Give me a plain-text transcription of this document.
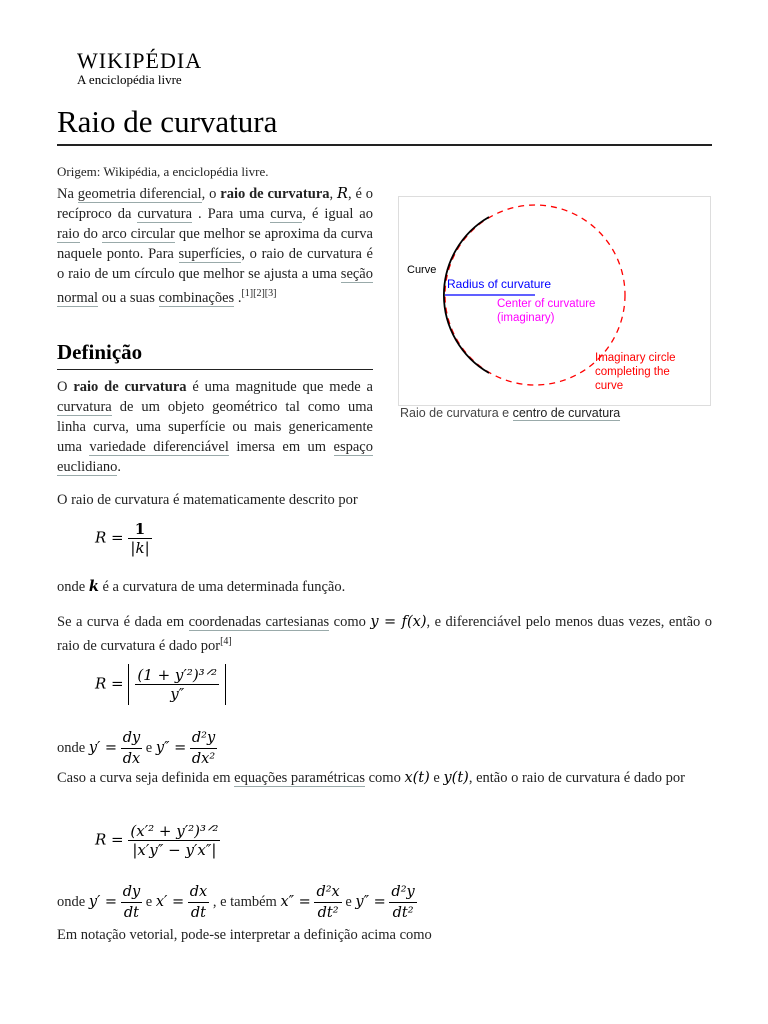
WIKIPÉDIA
A enciclopédia livre
Raio de curvatura
Origem: Wikipédia, a enciclopédia livre.
Na geometria diferencial, o raio de curvatura, R, é o recíproco da curvatura . Para uma curva, é igual ao raio do arco circular que melhor se aproxima da curva naquele ponto. Para superfícies, o raio de curvatura é o raio de um círculo que melhor se ajusta a uma seção normal ou a suas combinações .[1][2][3]
Definição
O raio de curvatura é uma magnitude que mede a curvatura de um objeto geométrico tal como uma linha curva, uma superfície ou mais genericamente uma variedade diferenciável imersa em um espaço euclidiano.
Curve
Radius of curvature
Center of curvature
(imaginary)
Imaginary circle
completing the
curve
Raio de curvatura e centro de curvatura
O raio de curvatura é matematicamente descrito por
$R = \frac{1}{|k|}$
onde k é a curvatura de uma determinada função.
Se a curva é dada em coordenadas cartesianas como y = f(x), e diferenciável pelo menos duas vezes, então o raio de curvatura é dado por[4]
$R = \frac{\text{(1 + y′²)³ᐟ²}}{y''}$
onde $y' = \frac{dy}{dx}$ e $y'' = \frac{\text{d²y}}{\text{dx²}}$
Caso a curva seja definida em equações paramétricas como x(t) e y(t), então o raio de curvatura é dado por
$R = \frac{\text{(x′² + y′²)³ᐟ²}}{|x'y'' - y'x''|}$
onde $y' = \frac{dy}{dt}$ e $x' = \frac{dx}{dt}$ , e também $x'' = \frac{\text{d²x}}{\text{dt²}}$ e $y'' = \frac{\text{d²y}}{\text{dt²}}$
Em notação vetorial, pode-se interpretar a definição acima como
